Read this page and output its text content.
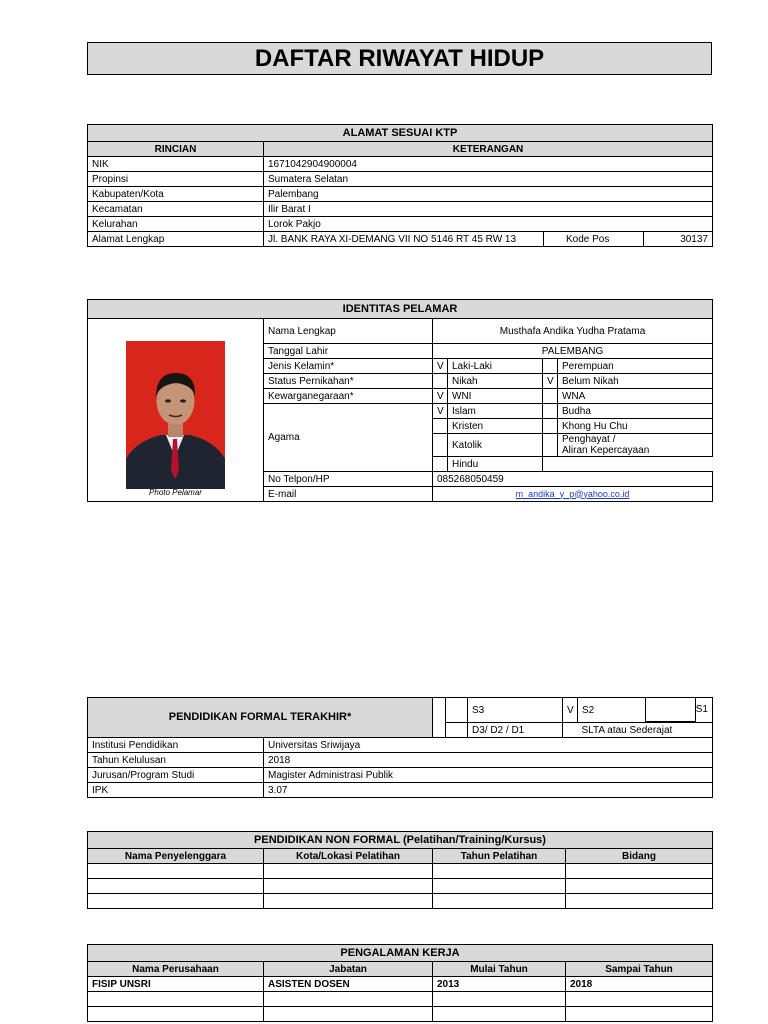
DAFTAR RIWAYAT HIDUP
ALAMAT SESUAI KTP			
RINCIAN	KETERANGAN		
NIK	1671042904900004		
Propinsi	Sumatera Selatan		
Kabupaten/Kota	Palembang		
Kecamatan	Ilir Barat I		
Kelurahan	Lorok Pakjo		
Alamat Lengkap	Jl. BANK RAYA XI-DEMANG VII NO 5146 RT 45 RW 13	Kode Pos	30137
IDENTITAS PELAMAR					

Photo Pelamar	Nama Lengkap	Musthafa Andika Yudha Pratama			
	Tanggal Lahir	PALEMBANG			
	Jenis Kelamin*	V	Laki-Laki		Perempuan
	Status Pernikahan*		Nikah	V	Belum Nikah
	Kewarganegaraan*	V	WNI		WNA
	Agama	V	Islam		Budha
			Kristen		Khong Hu Chu
			Katolik		Penghayat /
Aliran Kepercayaan
			Hindu		
	No Telpon/HP	085268050459			
	E-mail	m_andika_y_p@yahoo.co.id			
PENDIDIKAN FORMAL TERAKHIR*				S3	V	S2	S1

				D3/ D2 / D1		SLTA atau Sederajat	
Institusi Pendidikan	Universitas Sriwijaya						
Tahun Kelulusan	2018						
Jurusan/Program Studi	Magister Administrasi Publik						
IPK	3.07						
PENDIDIKAN NON FORMAL (Pelatihan/Training/Kursus)			
Nama Penyelenggara	Kota/Lokasi Pelatihan	Tahun Pelatihan	Bidang

PENGALAMAN KERJA			
Nama Perusahaan	Jabatan	Mulai Tahun	Sampai Tahun
FISIP UNSRI	ASISTEN DOSEN	2013	2018
